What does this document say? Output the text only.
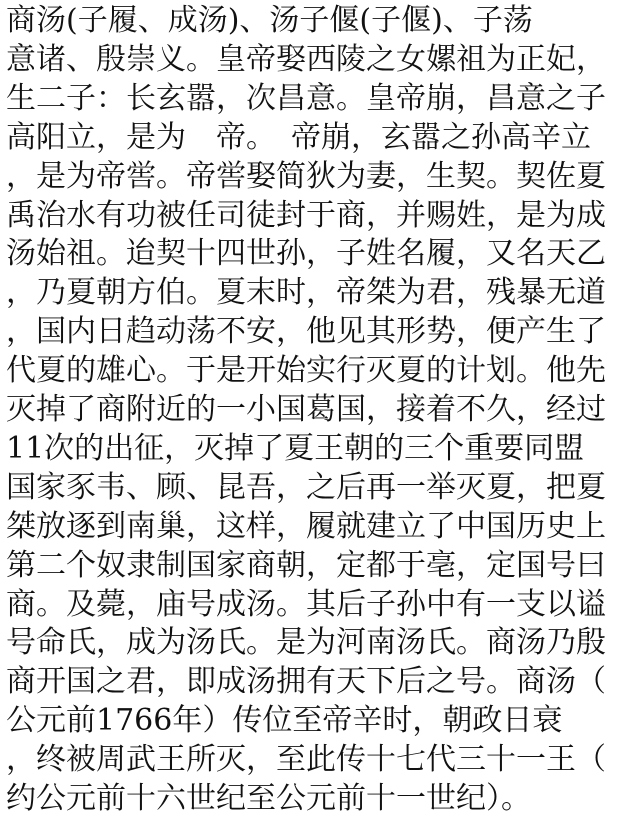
商汤(子履、成汤)、汤子偃(子偃)、子荡
意诸、殷崇义。皇帝娶西陵之女嫘祖为正妃，
生二子：长玄嚣，次昌意。皇帝崩，昌意之子
高阳立，是为　帝。　帝崩，玄嚣之孙高辛立
，是为帝喾。帝喾娶简狄为妻，生契。契佐夏
禹治水有功被任司徒封于商，并赐姓，是为成
汤始祖。迨契十四世孙，子姓名履，又名天乙
，乃夏朝方伯。夏末时，帝桀为君，残暴无道
，国内日趋动荡不安，他见其形势，便产生了
代夏的雄心。于是开始实行灭夏的计划。他先
灭掉了商附近的一小国葛国，接着不久，经过
11次的出征，灭掉了夏王朝的三个重要同盟
国家豕韦、顾、昆吾，之后再一举灭夏，把夏
桀放逐到南巢，这样，履就建立了中国历史上
第二个奴隶制国家商朝，定都于亳，定国号曰
商。及薨，庙号成汤。其后子孙中有一支以谥
号命氏，成为汤氏。是为河南汤氏。商汤乃殷
商开国之君，即成汤拥有天下后之号。商汤（
公元前1766年）传位至帝辛时，朝政日衰
，终被周武王所灭，至此传十七代三十一王（
约公元前十六世纪至公元前十一世纪）。
